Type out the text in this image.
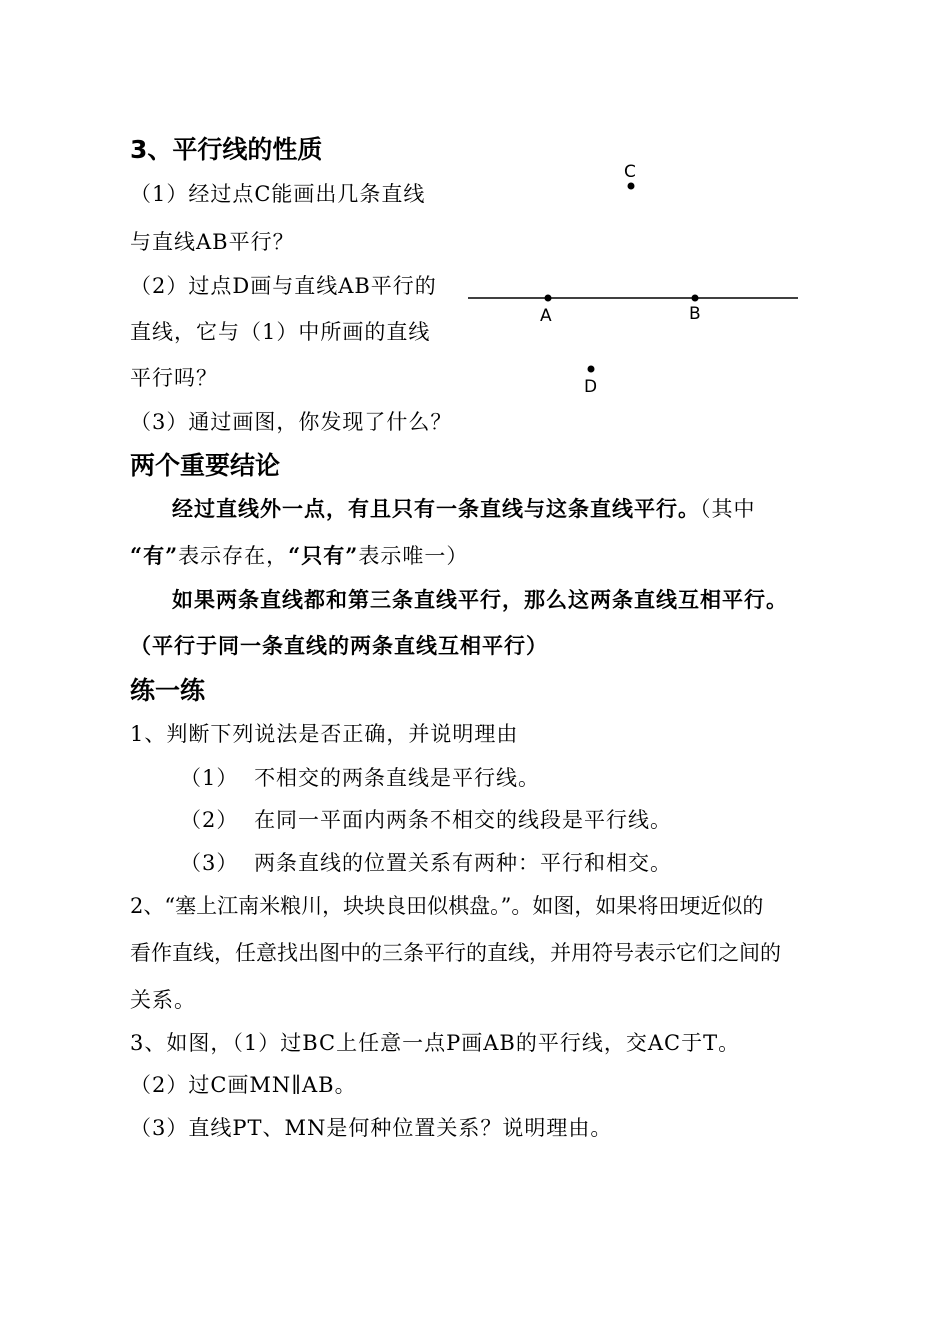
3、平行线的性质
（1）经过点C能画出几条直线
与直线AB平行？
（2）过点D画与直线AB平行的
直线，它与（1）中所画的直线
平行吗？
（3）通过画图，你发现了什么？
C
A	B
D
两个重要结论
经过直线外一点，有且只有一条直线与这条直线平行。（其中
“有”表示存在，“只有”表示唯一）
如果两条直线都和第三条直线平行，那么这两条直线互相平行。
（平行于同一条直线的两条直线互相平行）
练一练
1、判断下列说法是否正确，并说明理由
（1） 不相交的两条直线是平行线。
（2） 在同一平面内两条不相交的线段是平行线。
（3） 两条直线的位置关系有两种：平行和相交。
2、“塞上江南米粮川，块块良田似棋盘。”。如图，如果将田埂近似的
看作直线，任意找出图中的三条平行的直线，并用符号表示它们之间的
关系。
3、如图，（1）过BC上任意一点P画AB的平行线，交AC于T。
（2）过C画MN∥AB。
（3）直线PT、MN是何种位置关系？说明理由。
